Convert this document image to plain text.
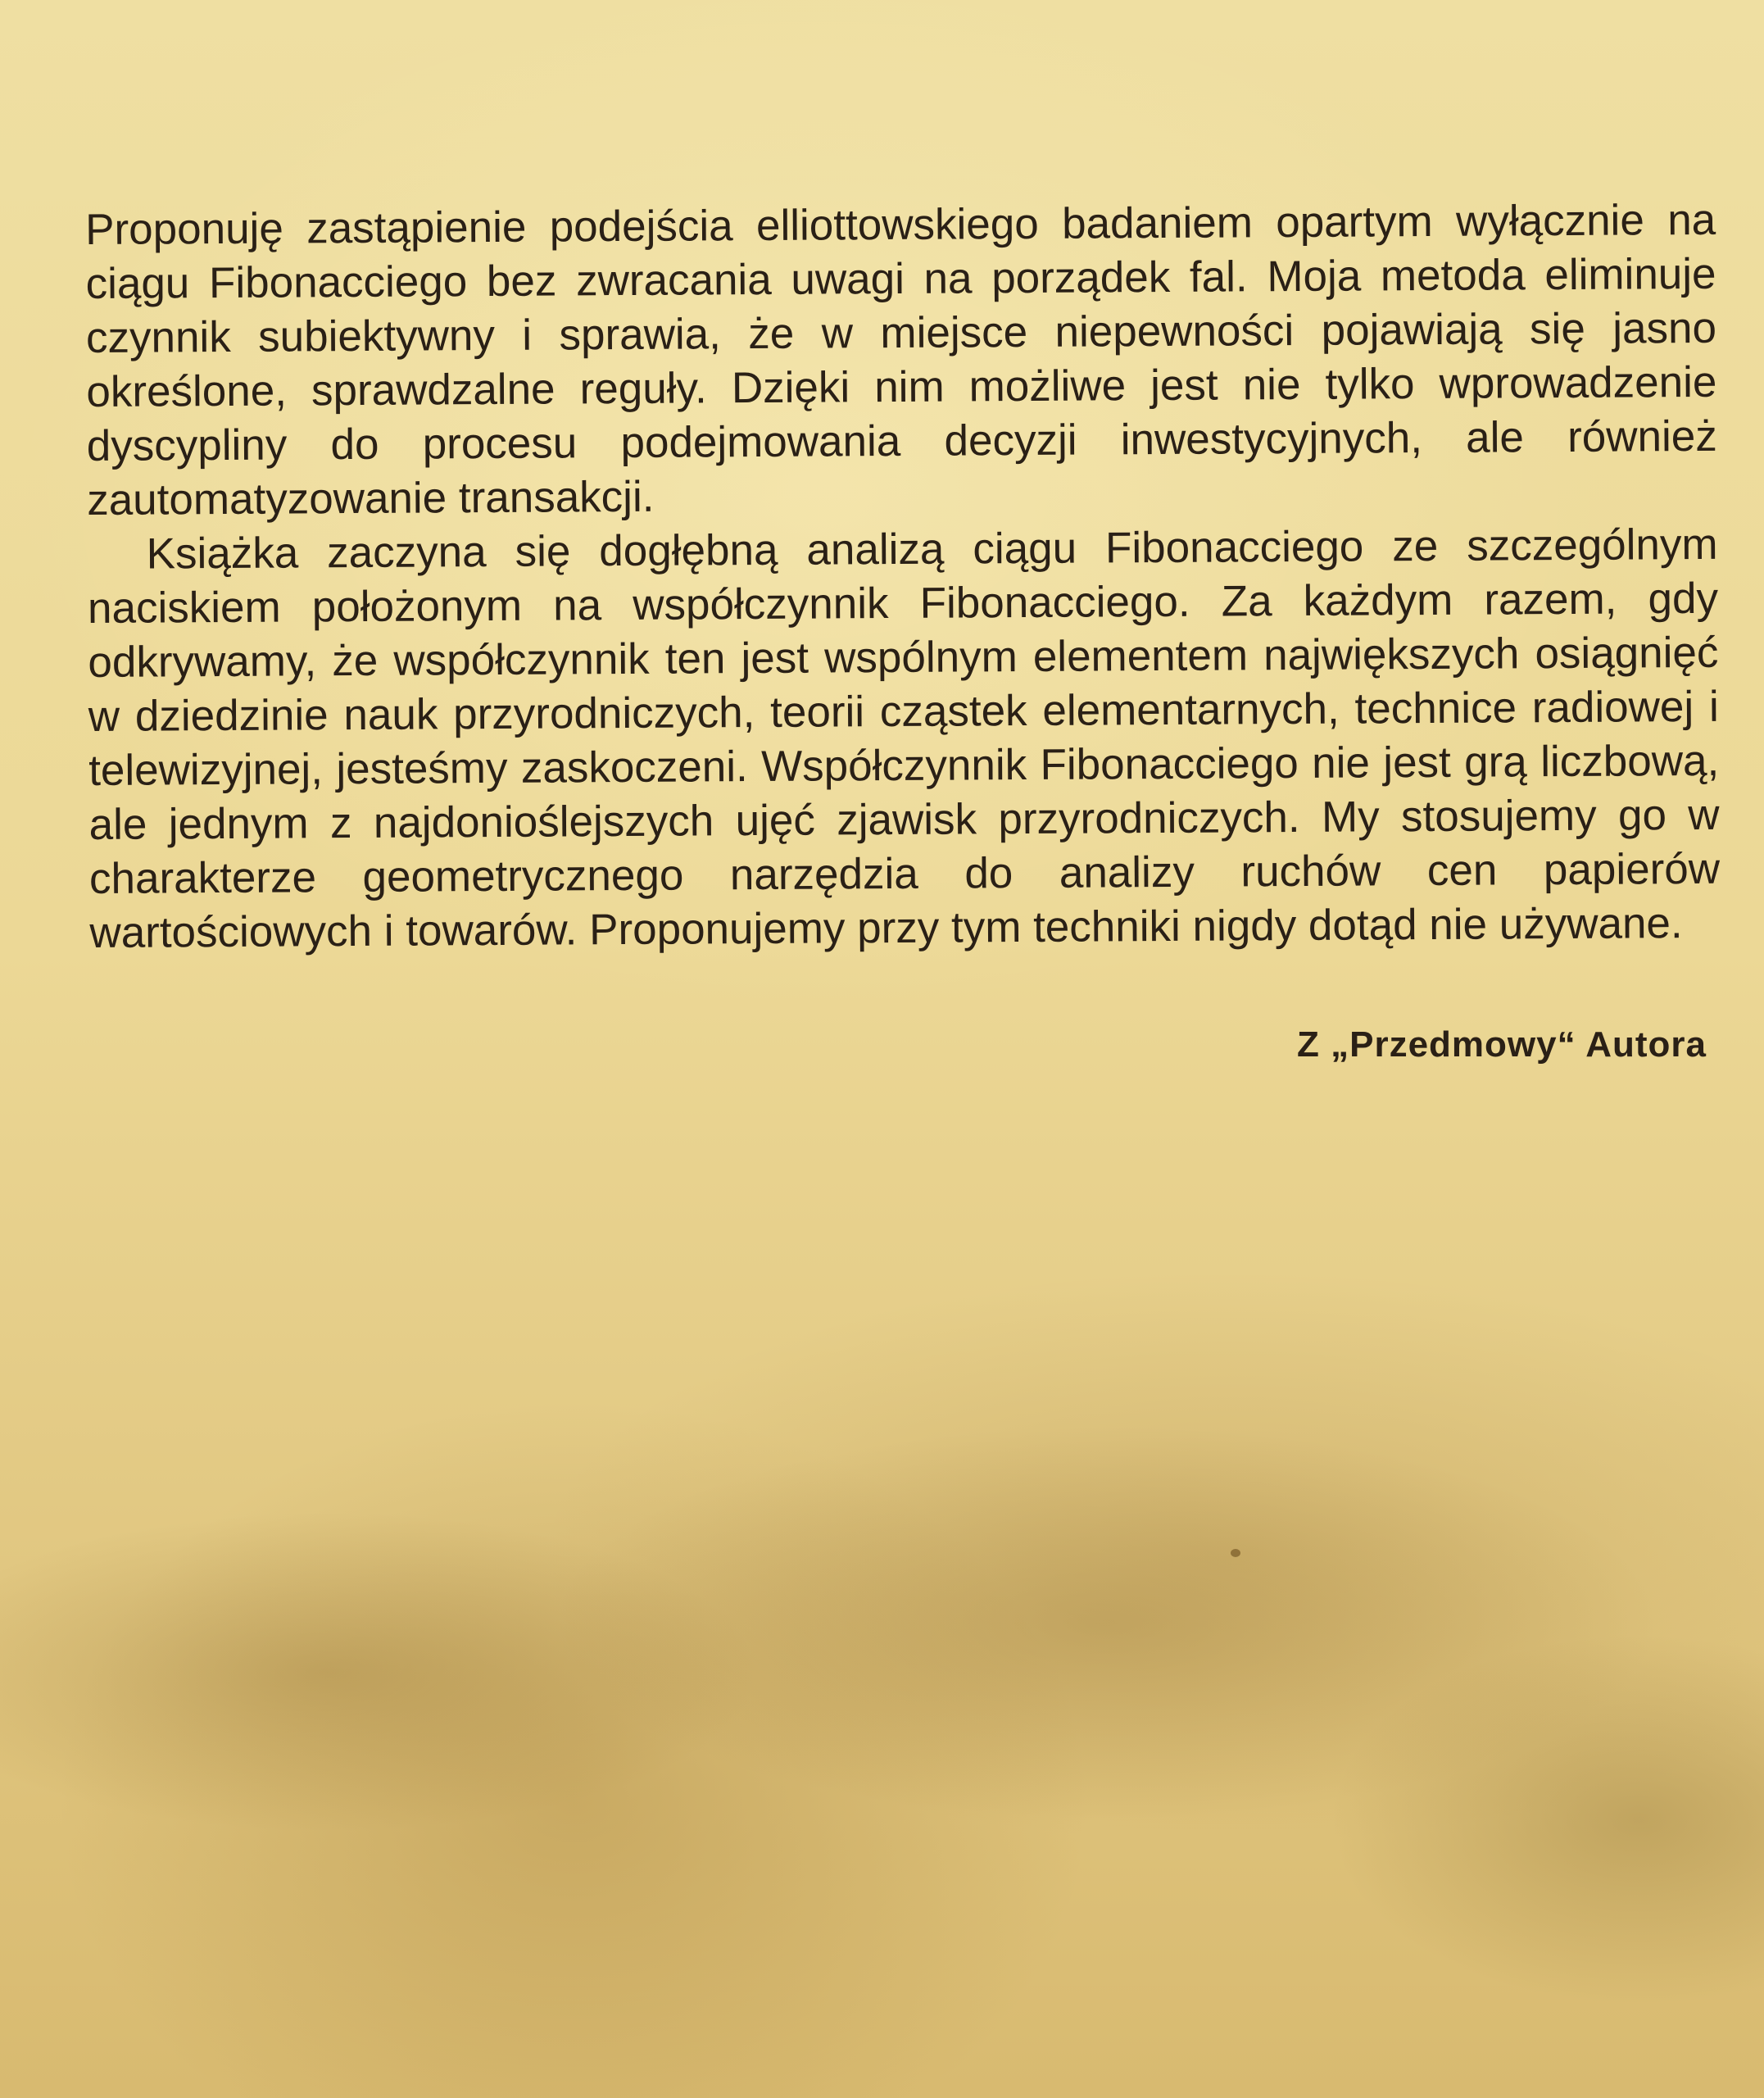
Proponuję zastąpienie podejścia elliottowskiego badaniem opartym wyłącznie na ciągu Fibonacciego bez zwracania uwagi na porządek fal. Moja metoda eliminuje czynnik subiektywny i sprawia, że w miejsce niepewności pojawiają się jasno określone, sprawdzalne reguły. Dzięki nim możliwe jest nie tylko wprowadzenie dyscypliny do procesu podejmowania decyzji inwestycyjnych, ale również zautomatyzowanie transakcji.

Książka zaczyna się dogłębną analizą ciągu Fibonacciego ze szczególnym naciskiem położonym na współczynnik Fibonacciego. Za każdym razem, gdy odkrywamy, że współczynnik ten jest wspólnym elementem największych osiągnięć w dziedzinie nauk przyrodniczych, teorii cząstek elementarnych, technice radiowej i telewizyjnej, jesteśmy zaskoczeni. Współczynnik Fibonacciego nie jest grą liczbową, ale jednym z najdonioślejszych ujęć zjawisk przyrodniczych. My stosujemy go w charakterze geometrycznego narzędzia do analizy ruchów cen papierów wartościowych i towarów. Proponujemy przy tym techniki nigdy dotąd nie używane.

Z „Przedmowy“ Autora
